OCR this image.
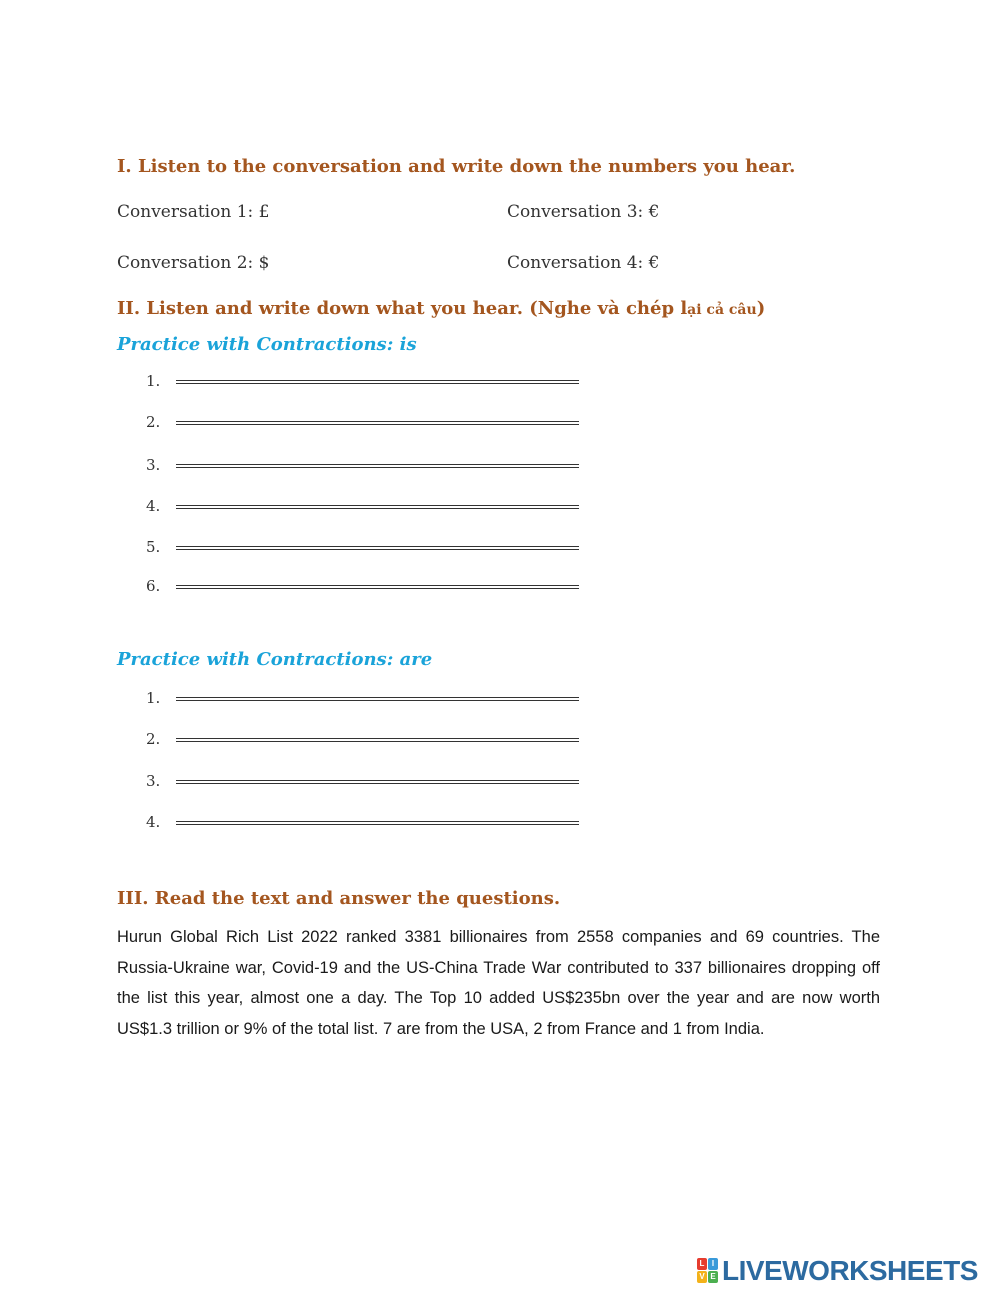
I. Listen to the conversation and write down the numbers you hear.
Conversation 1: £
Conversation 2: $
Conversation 3: €
Conversation 4: €
II. Listen and write down what you hear. (Nghe và chép lại cả câu)
Practice with Contractions: is
1.
2.
3.
4.
5.
6.
Practice with Contractions: are
1.
2.
3.
4.
III. Read the text and answer the questions.
Hurun Global Rich List 2022 ranked 3381 billionaires from 2558 companies and 69 countries. The Russia-Ukraine war, Covid-19 and the US-China Trade War contributed to 337 billionaires dropping off the list this year, almost one a day. The Top 10 added US$235bn over the year and are now worth US$1.3 trillion or 9% of the total list. 7 are from the USA, 2 from France and 1 from India.
L I
V E LIVEWORKSHEETS
